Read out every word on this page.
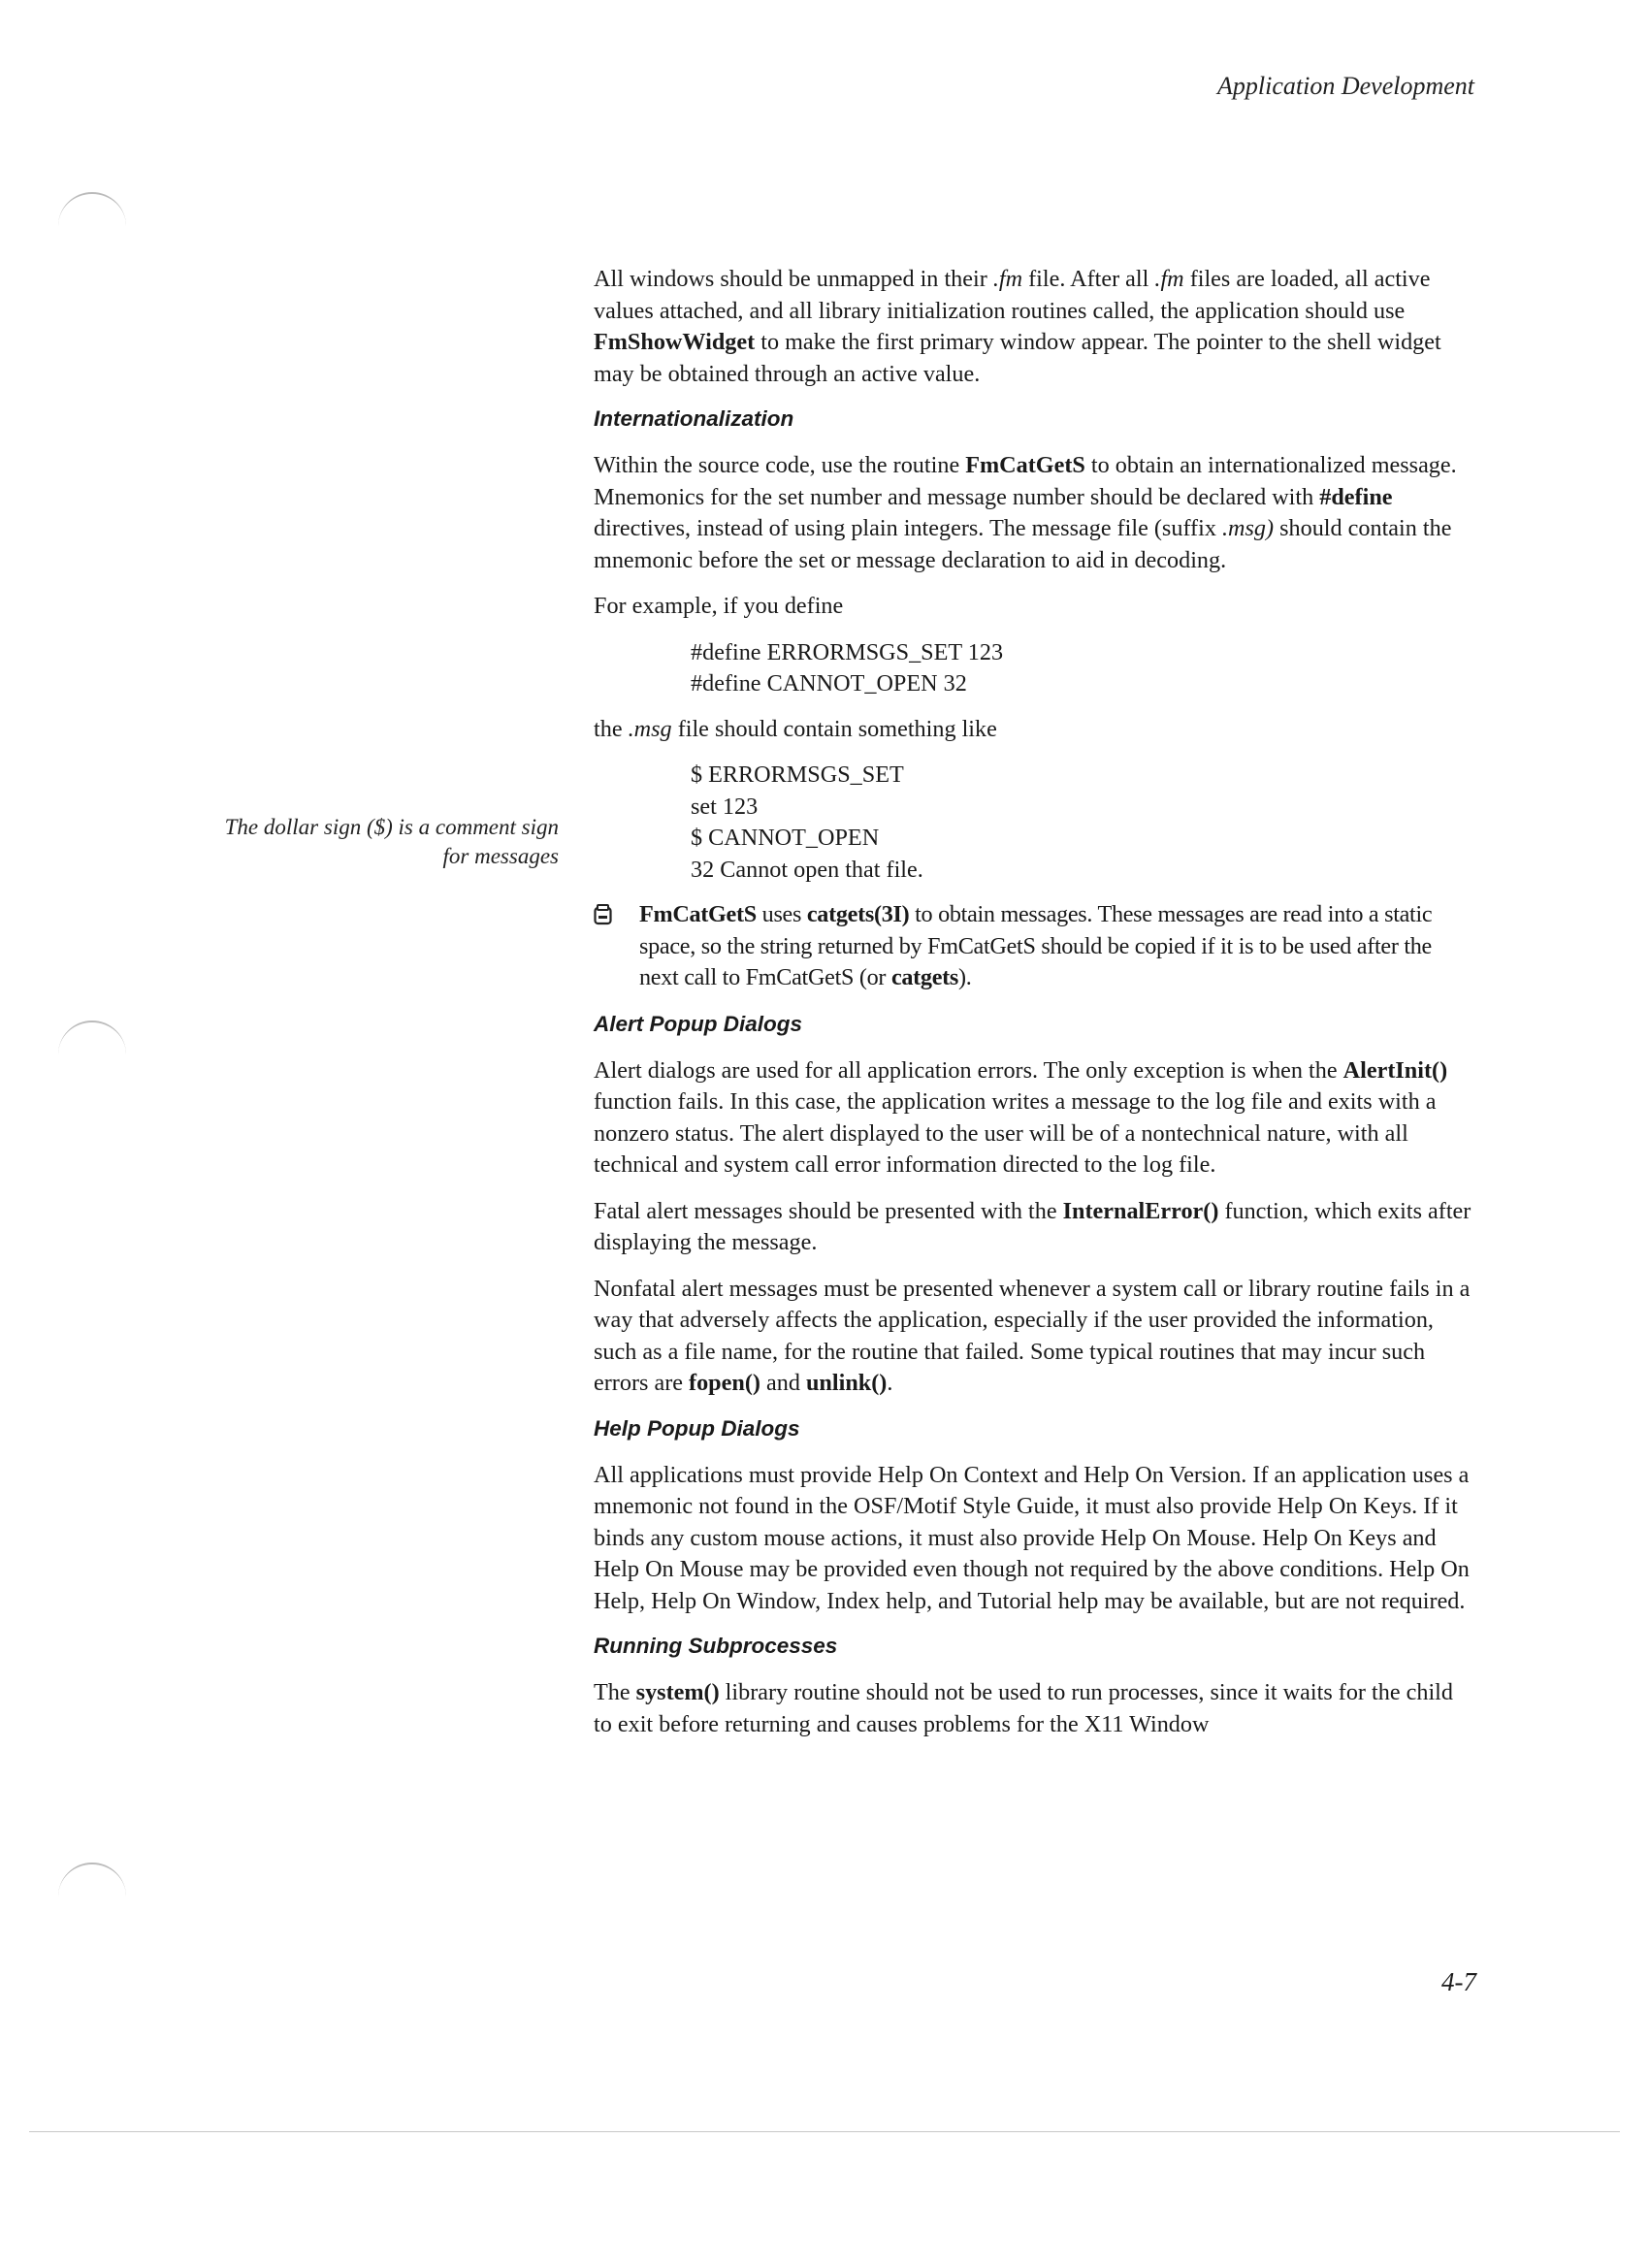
Application Development
The dollar sign ($) is a comment sign
for messages

All windows should be unmapped in their .fm file. After all .fm files are loaded, all active values attached, and all library initialization routines called, the application should use FmShowWidget to make the first primary window appear. The pointer to the shell widget may be obtained through an active value.

Internationalization

Within the source code, use the routine FmCatGetS to obtain an internationalized message. Mnemonics for the set number and message number should be declared with #define directives, instead of using plain integers. The message file (suffix .msg) should contain the mnemonic before the set or message declaration to aid in decoding.

For example, if you define

#define ERRORMSGS_SET 123
#define CANNOT_OPEN 32

the .msg file should contain something like

$ ERRORMSGS_SET
set 123
$ CANNOT_OPEN
32 Cannot open that file.
FmCatGetS uses catgets(3I) to obtain messages. These messages are read into a static space, so the string returned by FmCatGetS should be copied if it is to be used after the next call to FmCatGetS (or catgets).
Alert Popup Dialogs

Alert dialogs are used for all application errors. The only exception is when the AlertInit() function fails. In this case, the application writes a message to the log file and exits with a nonzero status. The alert displayed to the user will be of a nontechnical nature, with all technical and system call error information directed to the log file.

Fatal alert messages should be presented with the InternalError() function, which exits after displaying the message.

Nonfatal alert messages must be presented whenever a system call or library routine fails in a way that adversely affects the application, especially if the user provided the information, such as a file name, for the routine that failed. Some typical routines that may incur such errors are fopen() and unlink().

Help Popup Dialogs

All applications must provide Help On Context and Help On Version. If an application uses a mnemonic not found in the OSF/Motif Style Guide, it must also provide Help On Keys. If it binds any custom mouse actions, it must also provide Help On Mouse. Help On Keys and Help On Mouse may be provided even though not required by the above conditions. Help On Help, Help On Window, Index help, and Tutorial help may be available, but are not required.

Running Subprocesses

The system() library routine should not be used to run processes, since it waits for the child to exit before returning and causes problems for the X11 Window

4-7
